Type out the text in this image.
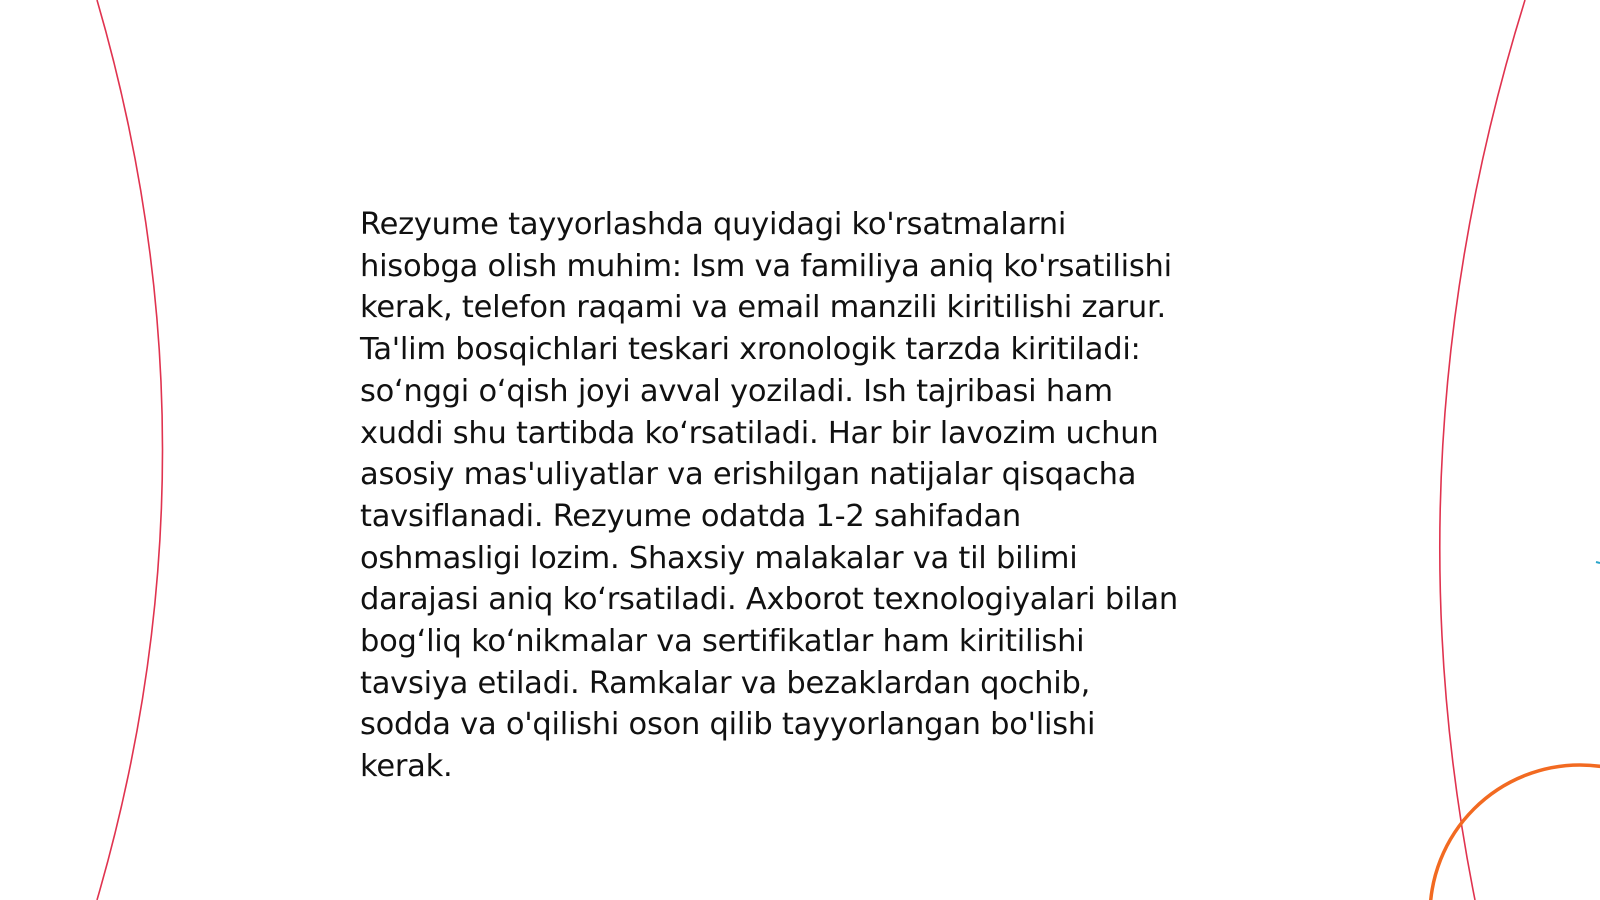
Rezyume tayyorlashda quyidagi ko'rsatmalarni
hisobga olish muhim: Ism va familiya aniq ko'rsatilishi
kerak, telefon raqami va email manzili kiritilishi zarur.
Ta'lim bosqichlari teskari xronologik tarzda kiritiladi:
so‘nggi o‘qish joyi avval yoziladi. Ish tajribasi ham
xuddi shu tartibda ko‘rsatiladi. Har bir lavozim uchun
asosiy mas'uliyatlar va erishilgan natijalar qisqacha
tavsiflanadi. Rezyume odatda 1-2 sahifadan
oshmasligi lozim. Shaxsiy malakalar va til bilimi
darajasi aniq ko‘rsatiladi. Axborot texnologiyalari bilan
bog‘liq ko‘nikmalar va sertifikatlar ham kiritilishi
tavsiya etiladi. Ramkalar va bezaklardan qochib,
sodda va o'qilishi oson qilib tayyorlangan bo'lishi
kerak.
